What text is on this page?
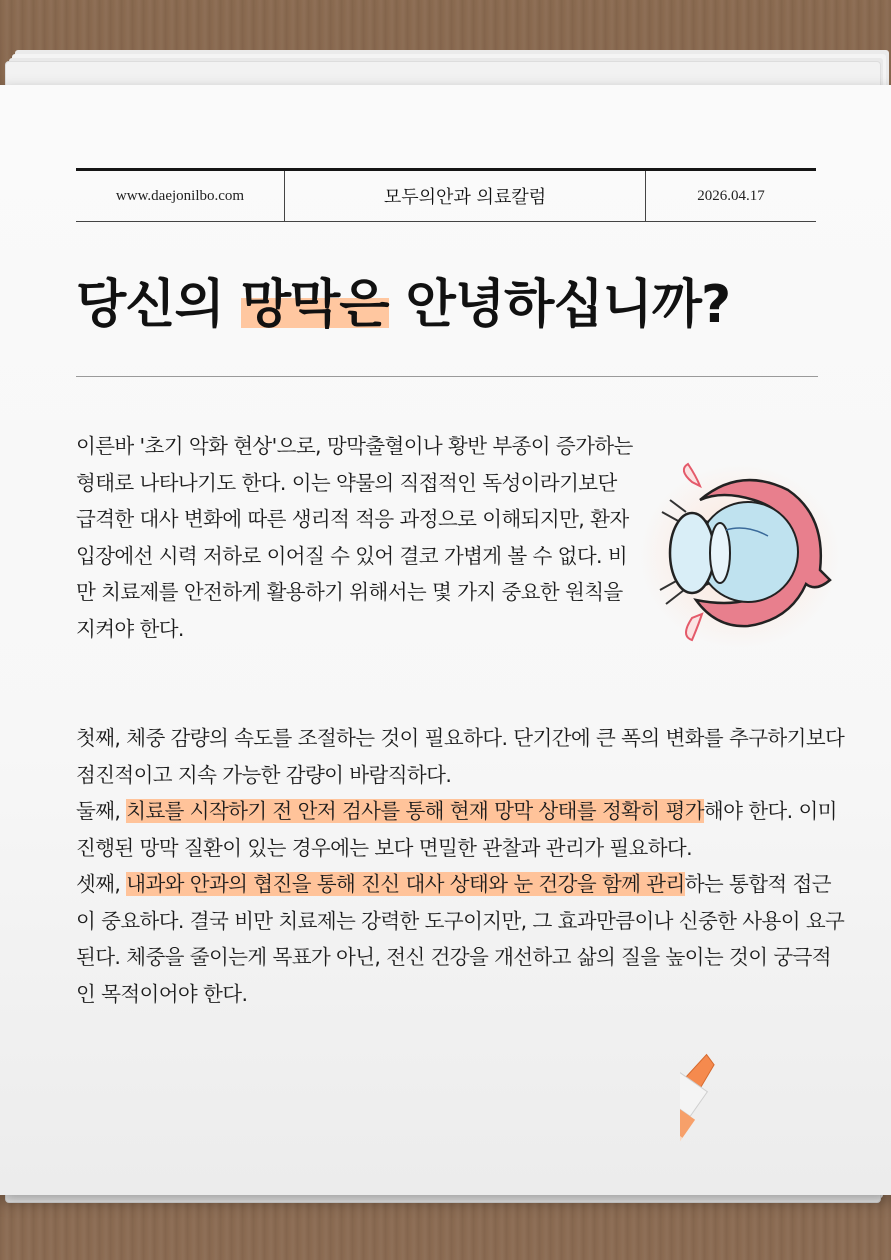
www.daejonilbo.com	모두의안과 의료칼럼	2026.04.17
당신의 망막은 안녕하십니까?
이른바 '초기 악화 현상'으로, 망막출혈이나 황반 부종이 증가하는 형태로 나타나기도 한다. 이는 약물의 직접적인 독성이라기보단 급격한 대사 변화에 따른 생리적 적응 과정으로 이해되지만, 환자 입장에선 시력 저하로 이어질 수 있어 결코 가볍게 볼 수 없다. 비만 치료제를 안전하게 활용하기 위해서는 몇 가지 중요한 원칙을 지켜야 한다.

첫째, 체중 감량의 속도를 조절하는 것이 필요하다. 단기간에 큰 폭의 변화를 추구하기보다 점진적이고 지속 가능한 감량이 바람직하다.

둘째, 치료를 시작하기 전 안저 검사를 통해 현재 망막 상태를 정확히 평가해야 한다. 이미 진행된 망막 질환이 있는 경우에는 보다 면밀한 관찰과 관리가 필요하다.

셋째, 내과와 안과의 협진을 통해 진신 대사 상태와 눈 건강을 함께 관리하는 통합적 접근이 중요하다. 결국 비만 치료제는 강력한 도구이지만, 그 효과만큼이나 신중한 사용이 요구된다. 체중을 줄이는게 목표가 아닌, 전신 건강을 개선하고 삶의 질을 높이는 것이 궁극적인 목적이어야 한다.
